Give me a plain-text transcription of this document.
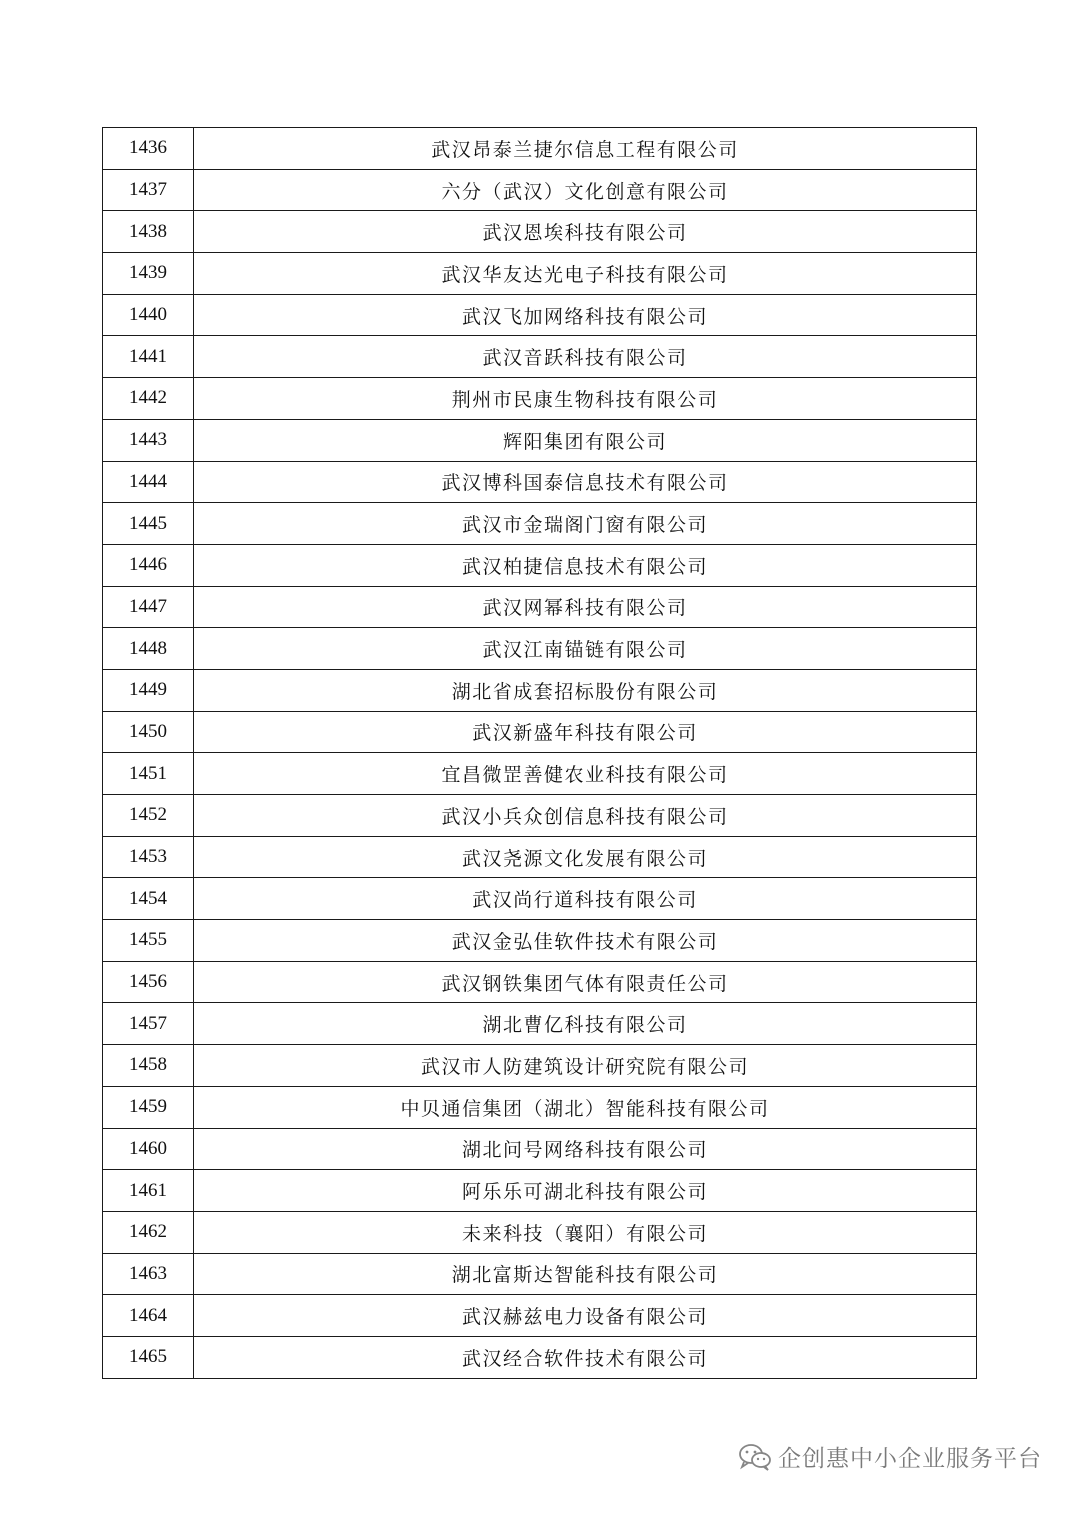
1436	武汉昂泰兰捷尔信息工程有限公司
1437	六分（武汉）文化创意有限公司
1438	武汉恩埃科技有限公司
1439	武汉华友达光电子科技有限公司
1440	武汉飞加网络科技有限公司
1441	武汉音跃科技有限公司
1442	荆州市民康生物科技有限公司
1443	辉阳集团有限公司
1444	武汉博科国泰信息技术有限公司
1445	武汉市金瑞阁门窗有限公司
1446	武汉柏捷信息技术有限公司
1447	武汉网幂科技有限公司
1448	武汉江南锚链有限公司
1449	湖北省成套招标股份有限公司
1450	武汉新盛年科技有限公司
1451	宜昌微罡善健农业科技有限公司
1452	武汉小兵众创信息科技有限公司
1453	武汉尧源文化发展有限公司
1454	武汉尚行道科技有限公司
1455	武汉金弘佳软件技术有限公司
1456	武汉钢铁集团气体有限责任公司
1457	湖北曹亿科技有限公司
1458	武汉市人防建筑设计研究院有限公司
1459	中贝通信集团（湖北）智能科技有限公司
1460	湖北问号网络科技有限公司
1461	阿乐乐可湖北科技有限公司
1462	未来科技（襄阳）有限公司
1463	湖北富斯达智能科技有限公司
1464	武汉赫兹电力设备有限公司
1465	武汉经合软件技术有限公司
企创惠中小企业服务平台
